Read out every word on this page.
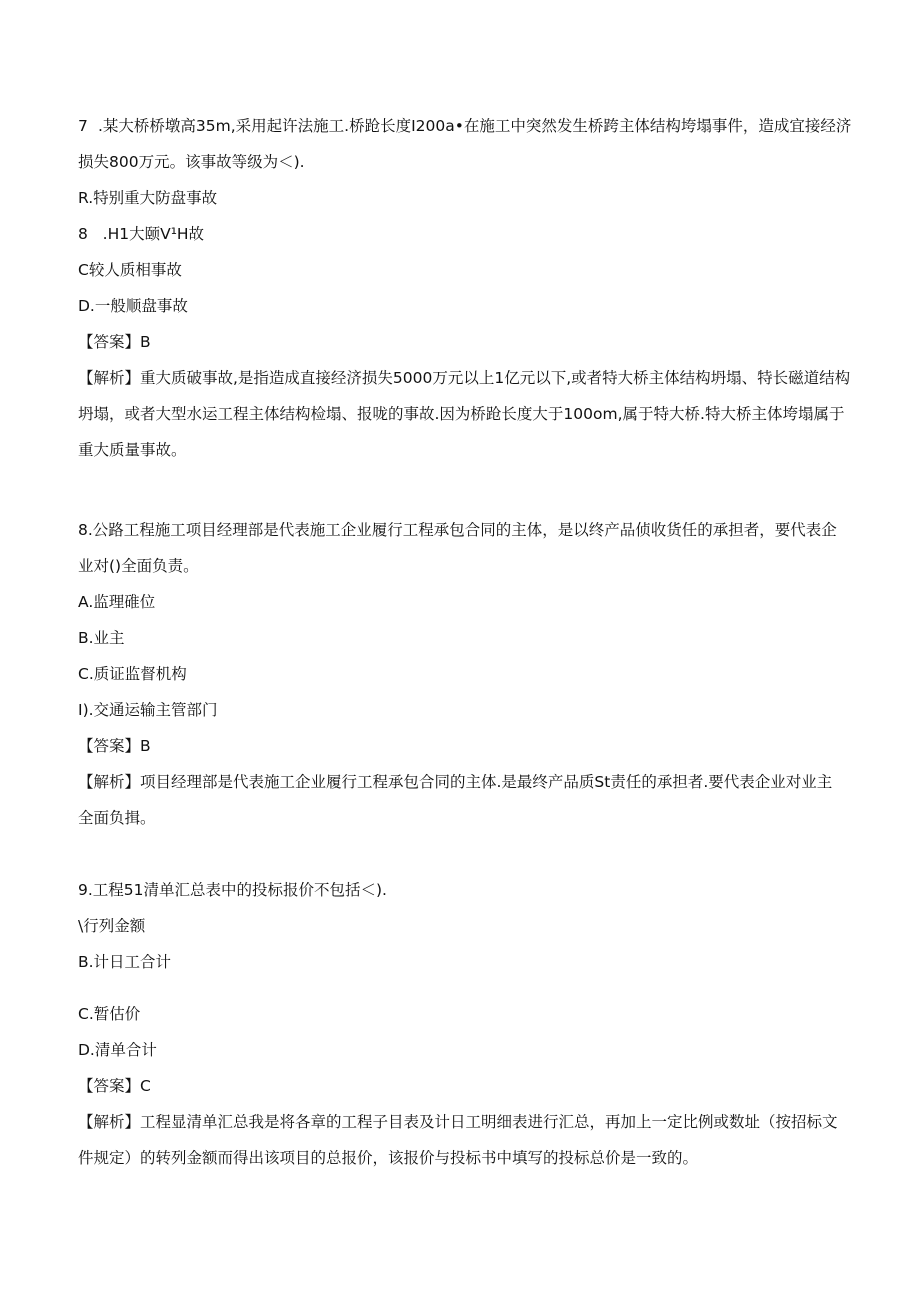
7 .某大桥桥墩高35m,采用起许法施工.桥跄长度I200a•在施工中突然发生桥跨主体结构垮塌事件，造成宜接经济
损失800万元。该事故等级为＜).
R.特别重大防盘事故
8   .H1大颐V¹H故
C较人质相事故
D.一般顺盘事故
【答案】B
【解析】重大质破事故,是指造成直接经济损失5000万元以上1亿元以下,或者特大桥主体结构坍塌、特长磁道结构
坍塌，或者大型水运工程主体结构检塌、报咙的事故.因为桥跄长度大于100om,属于特大桥.特大桥主体垮塌属于
重大质量事故。
8.公路工程施工项目经理部是代表施工企业履行工程承包合同的主体，是以终产品侦收货任的承担者，要代表企
业对()全面负责。
A.监理碓位
B.业主
C.质证监督机构
I).交通运输主管部门
【答案】B
【解析】项目经理部是代表施工企业履行工程承包合同的主体.是最终产品质St责任的承担者.要代表企业对业主
全面负揖。
9.工程51清单汇总表中的投标报价不包括＜).
\行列金额
B.计日工合计
C.暂估价
D.清单合计
【答案】C
【解析】工程显清单汇总我是将各章的工程子目表及计日工明细表进行汇总，再加上一定比例或数址（按招标文
件规定）的转列金额而得出该项目的总报价，该报价与投标书中填写的投标总价是一致的。
